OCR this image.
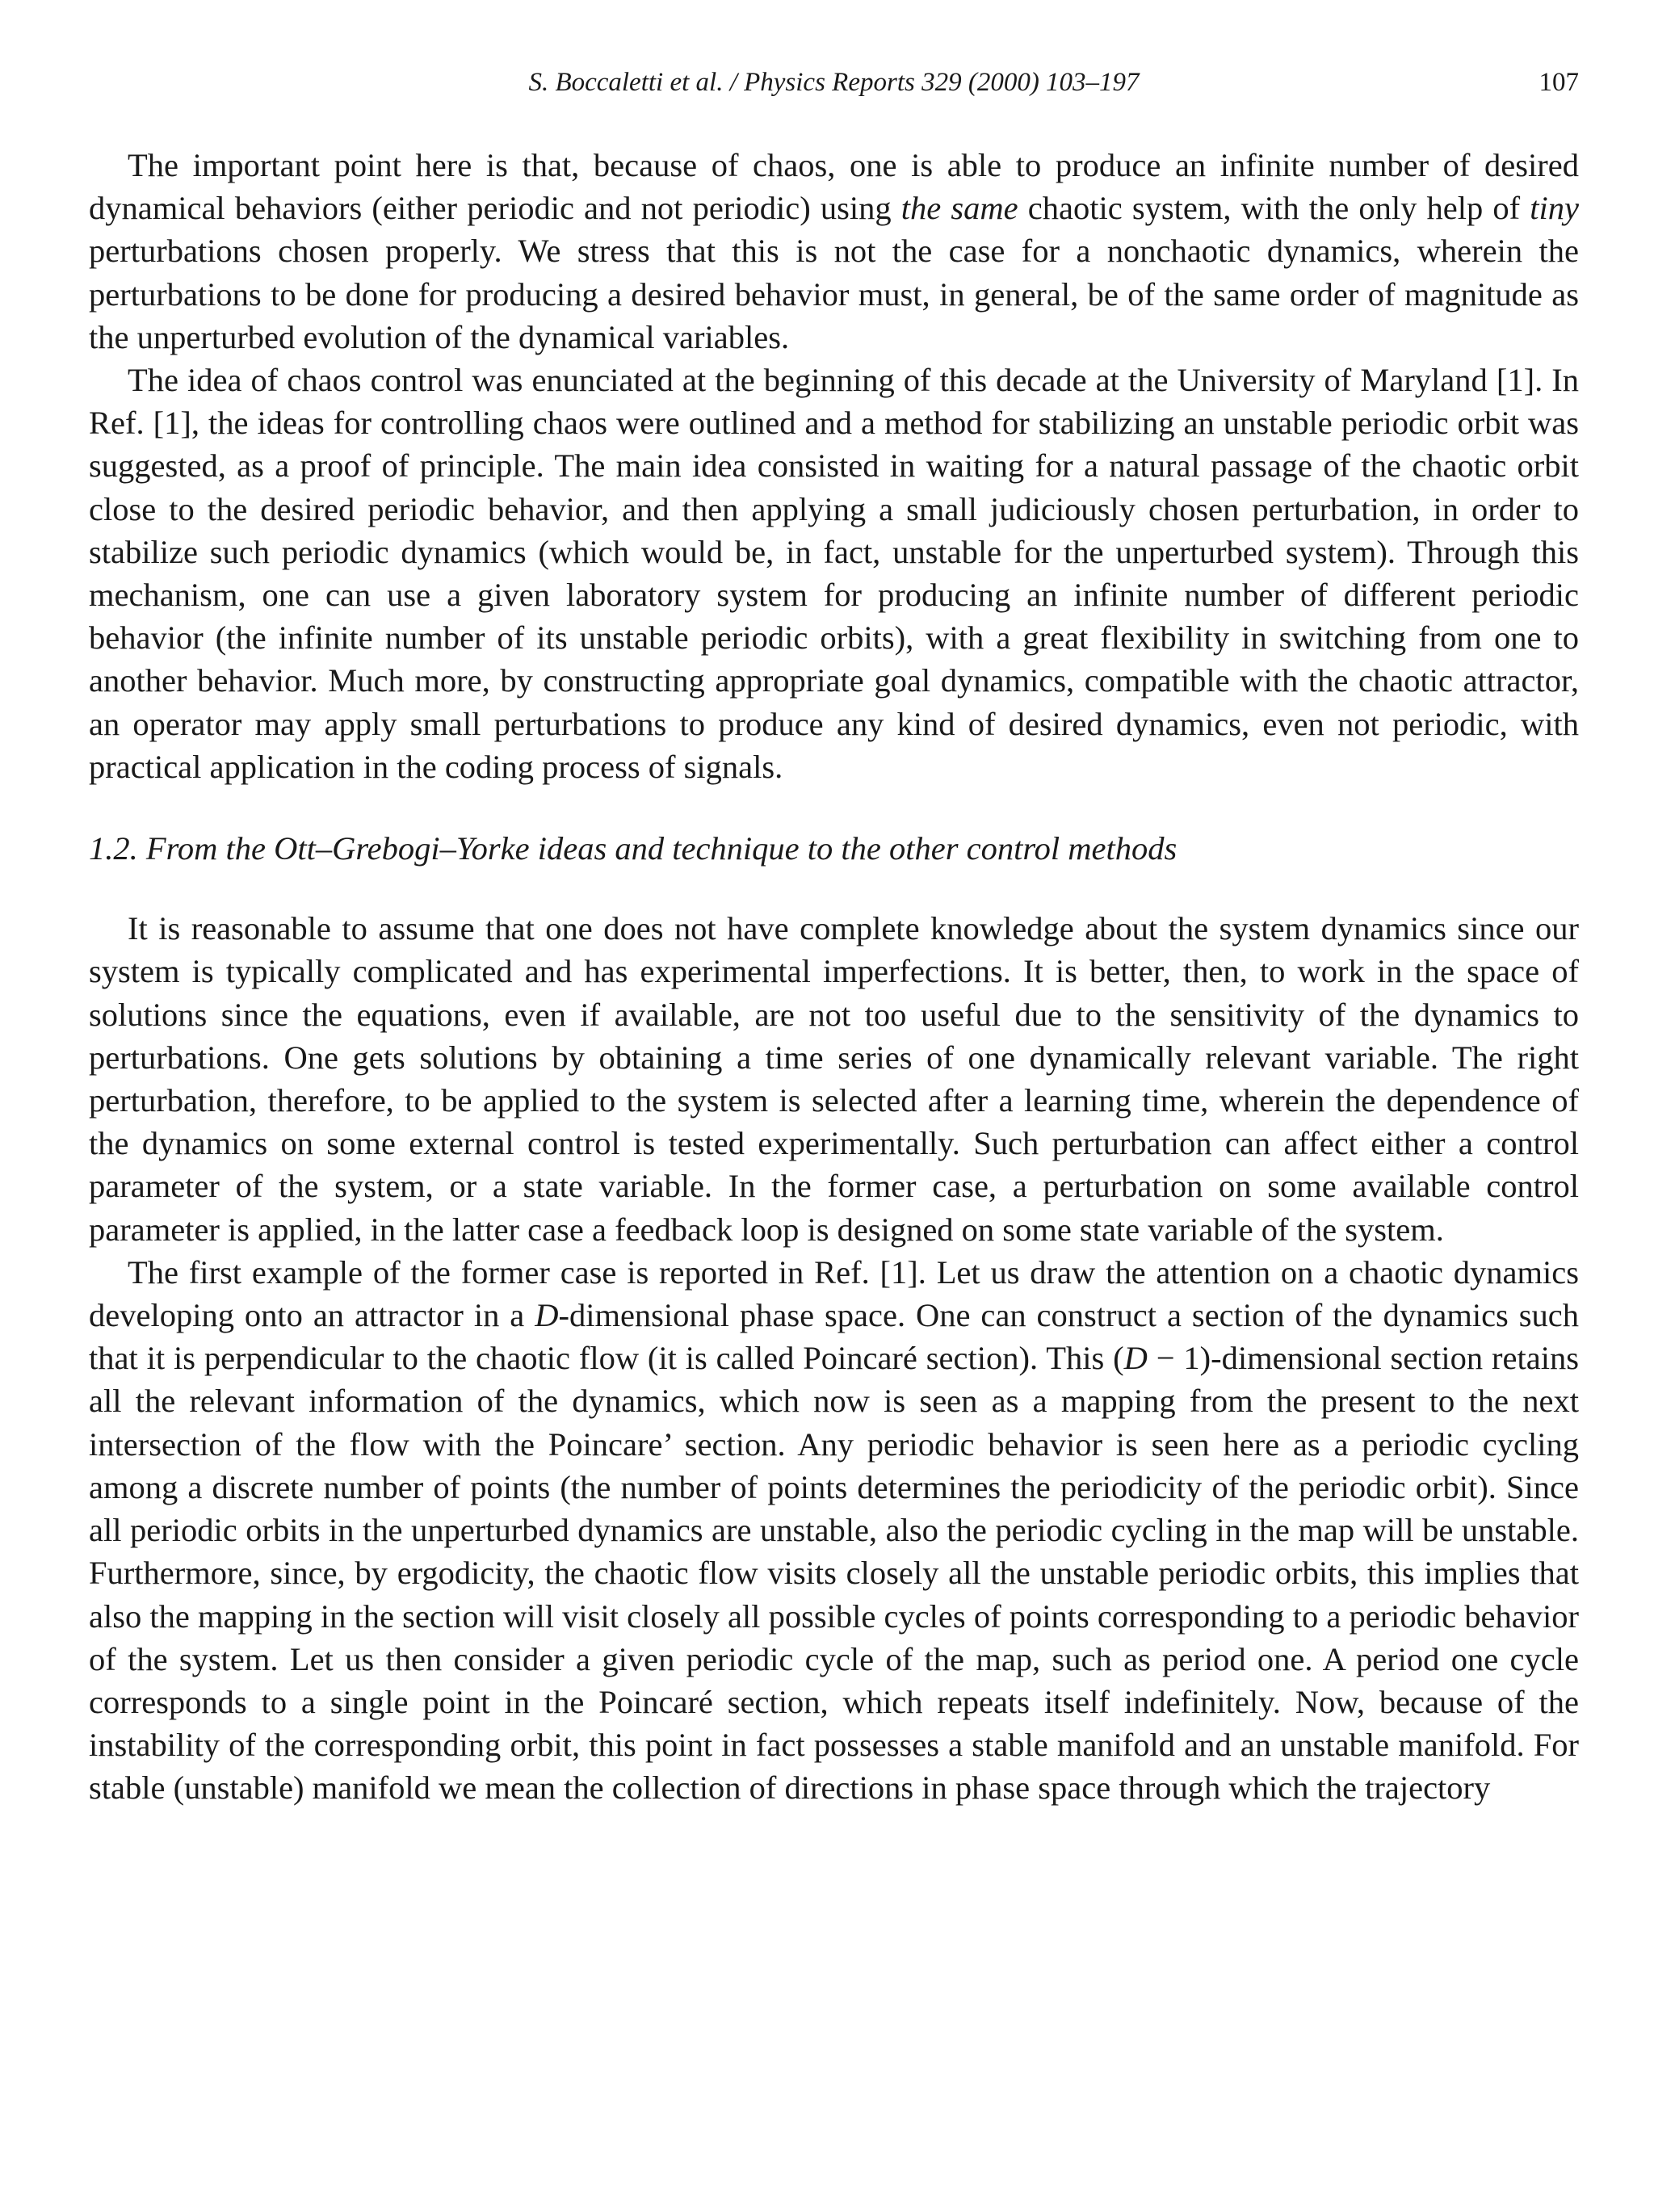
S. Boccaletti et al. / Physics Reports 329 (2000) 103–197	107

The important point here is that, because of chaos, one is able to produce an infinite number of desired dynamical behaviors (either periodic and not periodic) using the same chaotic system, with the only help of tiny perturbations chosen properly. We stress that this is not the case for a nonchaotic dynamics, wherein the perturbations to be done for producing a desired behavior must, in general, be of the same order of magnitude as the unperturbed evolution of the dynamical variables.

The idea of chaos control was enunciated at the beginning of this decade at the University of Maryland [1]. In Ref. [1], the ideas for controlling chaos were outlined and a method for stabilizing an unstable periodic orbit was suggested, as a proof of principle. The main idea consisted in waiting for a natural passage of the chaotic orbit close to the desired periodic behavior, and then applying a small judiciously chosen perturbation, in order to stabilize such periodic dynamics (which would be, in fact, unstable for the unperturbed system). Through this mechanism, one can use a given laboratory system for producing an infinite number of different periodic behavior (the infinite number of its unstable periodic orbits), with a great flexibility in switching from one to another behavior. Much more, by constructing appropriate goal dynamics, compatible with the chaotic attractor, an operator may apply small perturbations to produce any kind of desired dynamics, even not periodic, with practical application in the coding process of signals.

1.2. From the Ott–Grebogi–Yorke ideas and technique to the other control methods

It is reasonable to assume that one does not have complete knowledge about the system dynamics since our system is typically complicated and has experimental imperfections. It is better, then, to work in the space of solutions since the equations, even if available, are not too useful due to the sensitivity of the dynamics to perturbations. One gets solutions by obtaining a time series of one dynamically relevant variable. The right perturbation, therefore, to be applied to the system is selected after a learning time, wherein the dependence of the dynamics on some external control is tested experimentally. Such perturbation can affect either a control parameter of the system, or a state variable. In the former case, a perturbation on some available control parameter is applied, in the latter case a feedback loop is designed on some state variable of the system.

The first example of the former case is reported in Ref. [1]. Let us draw the attention on a chaotic dynamics developing onto an attractor in a D-dimensional phase space. One can construct a section of the dynamics such that it is perpendicular to the chaotic flow (it is called Poincaré section). This (D − 1)-dimensional section retains all the relevant information of the dynamics, which now is seen as a mapping from the present to the next intersection of the flow with the Poincare’ section. Any periodic behavior is seen here as a periodic cycling among a discrete number of points (the number of points determines the periodicity of the periodic orbit). Since all periodic orbits in the unperturbed dynamics are unstable, also the periodic cycling in the map will be unstable. Furthermore, since, by ergodicity, the chaotic flow visits closely all the unstable periodic orbits, this implies that also the mapping in the section will visit closely all possible cycles of points corresponding to a periodic behavior of the system. Let us then consider a given periodic cycle of the map, such as period one. A period one cycle corresponds to a single point in the Poincaré section, which repeats itself indefinitely. Now, because of the instability of the corresponding orbit, this point in fact possesses a stable manifold and an unstable manifold. For stable (unstable) manifold we mean the collection of directions in phase space through which the trajectory
